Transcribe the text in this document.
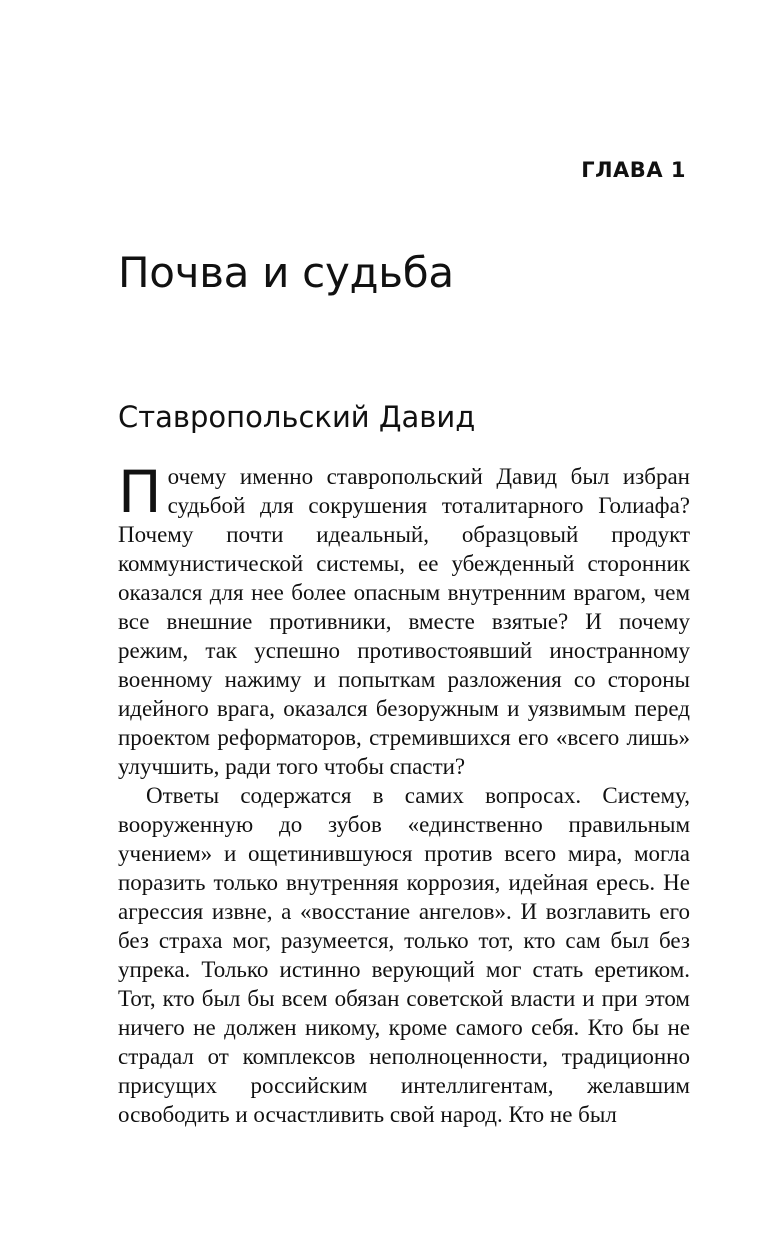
ГЛАВА 1
Почва и судьба
Ставропольский Давид

Почему именно ставропольский Давид был избран судьбой для сокрушения тоталитарного Голиафа? Почему почти идеальный, образцовый продукт коммунистической системы, ее убежденный сторонник оказался для нее более опасным внутренним врагом, чем все внешние противники, вместе взятые? И почему режим, так успешно противостоявший иностранному военному нажиму и попыткам разложения со стороны идейного врага, оказался безоружным и уязвимым перед проектом реформаторов, стремившихся его «всего лишь» улучшить, ради того чтобы спасти?

Ответы содержатся в самих вопросах. Систему, вооруженную до зубов «единственно правильным учением» и ощетинившуюся против всего мира, могла поразить только внутренняя коррозия, идейная ересь. Не агрессия извне, а «восстание ангелов». И возглавить его без страха мог, разумеется, только тот, кто сам был без упрека. Только истинно верующий мог стать еретиком. Тот, кто был бы всем обязан советской власти и при этом ничего не должен никому, кроме самого себя. Кто бы не страдал от комплексов неполноценности, традиционно присущих российским интеллигентам, желавшим освободить и осчастливить свой народ. Кто не был
